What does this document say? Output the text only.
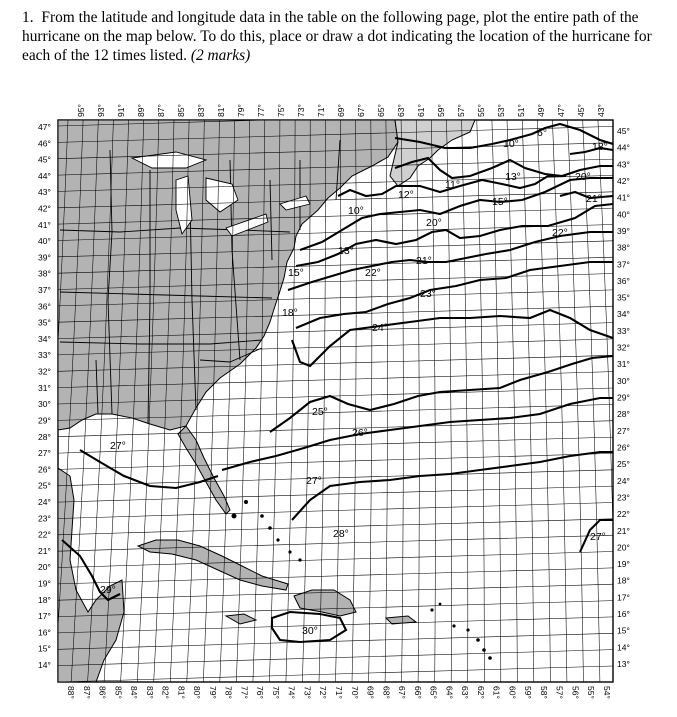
1. From the latitude and longitude data in the table on the following page, plot the entire path of the hurricane on the map below. To do this, place or draw a dot indicating the location of the hurricane for each of the 12 times listed. (2 marks)
6°
10°	18°
13°	20°
21°
11°
15°
12°
10°
13°
22°
20°
21°
22°
23°
15°
18°
24°
25°
26°
27°
27°
28°
29°
30°
27°
95° 93° 91° 89° 87° 85° 83° 81° 79° 77° 75° 73° 71° 69° 67° 65° 63° 61° 59° 57° 55° 53° 51° 49° 47° 45° 43°
88° 87° 86° 85° 84° 83° 82° 81° 80° 79° 78° 77° 76° 75° 74° 73° 72° 71° 70° 69° 68° 67° 66° 65° 64° 63° 62° 61° 60° 59° 58° 57° 56° 55° 54°
47°
46°
45°
44°
43°
42°
41°
40°
39°
38°
37°
36°
35°
34°
33°
32°
31°
30°
29°
28°
27°
26°
25°
24°
23°
22°
21°
20°
19°
18°
17°
16°
15°
14°
45°
44°
43°
42°
41°
40°
39°
38°
37°
36°
35°
34°
33°
32°
31°
30°
29°
28°
27°
26°
25°
24°
23°
22°
21°
20°
19°
18°
17°
16°
15°
14°
13°
